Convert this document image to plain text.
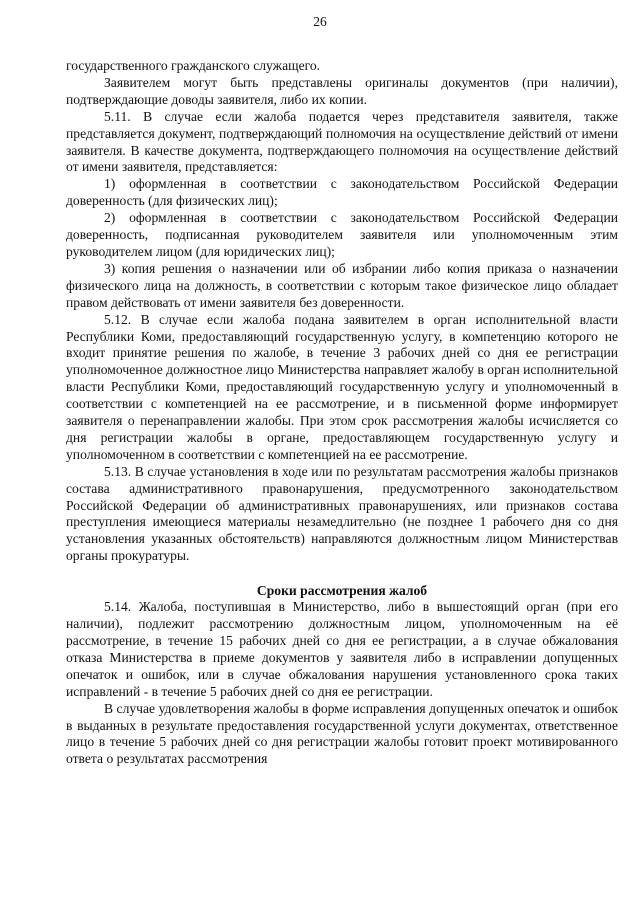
26

государственного гражданского служащего.

Заявителем могут быть представлены оригиналы документов (при наличии), подтверждающие доводы заявителя, либо их копии.

5.11. В случае если жалоба подается через представителя заявителя, также представляется документ, подтверждающий полномочия на осуществление действий от имени заявителя. В качестве документа, подтверждающего полномочия на осуществление действий от имени заявителя, представляется:

1) оформленная в соответствии с законодательством Российской Федерации доверенность (для физических лиц);

2) оформленная в соответствии с законодательством Российской Федерации доверенность, подписанная руководителем заявителя или уполномоченным этим руководителем лицом (для юридических лиц);

3) копия решения о назначении или об избрании либо копия приказа о назначении физического лица на должность, в соответствии с которым такое физическое лицо обладает правом действовать от имени заявителя без доверенности.

5.12. В случае если жалоба подана заявителем в орган исполнительной власти Республики Коми, предоставляющий государственную услугу, в компетенцию которого не входит принятие решения по жалобе, в течение 3 рабочих дней со дня ее регистрации уполномоченное должностное лицо Министерства направляет жалобу в орган исполнительной власти Республики Коми, предоставляющий государственную услугу и уполномоченный в соответствии с компетенцией на ее рассмотрение, и в письменной форме информирует заявителя о перенаправлении жалобы. При этом срок рассмотрения жалобы исчисляется со дня регистрации жалобы в органе, предоставляющем государственную услугу и уполномоченном в соответствии с компетенцией на ее рассмотрение.

5.13. В случае установления в ходе или по результатам рассмотрения жалобы признаков состава административного правонарушения, предусмотренного законодательством Российской Федерации об административных правонарушениях, или признаков состава преступления имеющиеся материалы незамедлительно (не позднее 1 рабочего дня со дня установления указанных обстоятельств) направляются должностным лицом Министерствав органы прокуратуры.

Сроки рассмотрения жалоб

5.14. Жалоба, поступившая в Министерство, либо в вышестоящий орган (при его наличии), подлежит рассмотрению должностным лицом, уполномоченным на её рассмотрение, в течение 15 рабочих дней со дня ее регистрации, а в случае обжалования отказа Министерства в приеме документов у заявителя либо в исправлении допущенных опечаток и ошибок, или в случае обжалования нарушения установленного срока таких исправлений - в течение 5 рабочих дней со дня ее регистрации.

В случае удовлетворения жалобы в форме исправления допущенных опечаток и ошибок в выданных в результате предоставления государственной услуги документах, ответственное лицо в течение 5 рабочих дней со дня регистрации жалобы готовит проект мотивированного ответа о результатах рассмотрения
